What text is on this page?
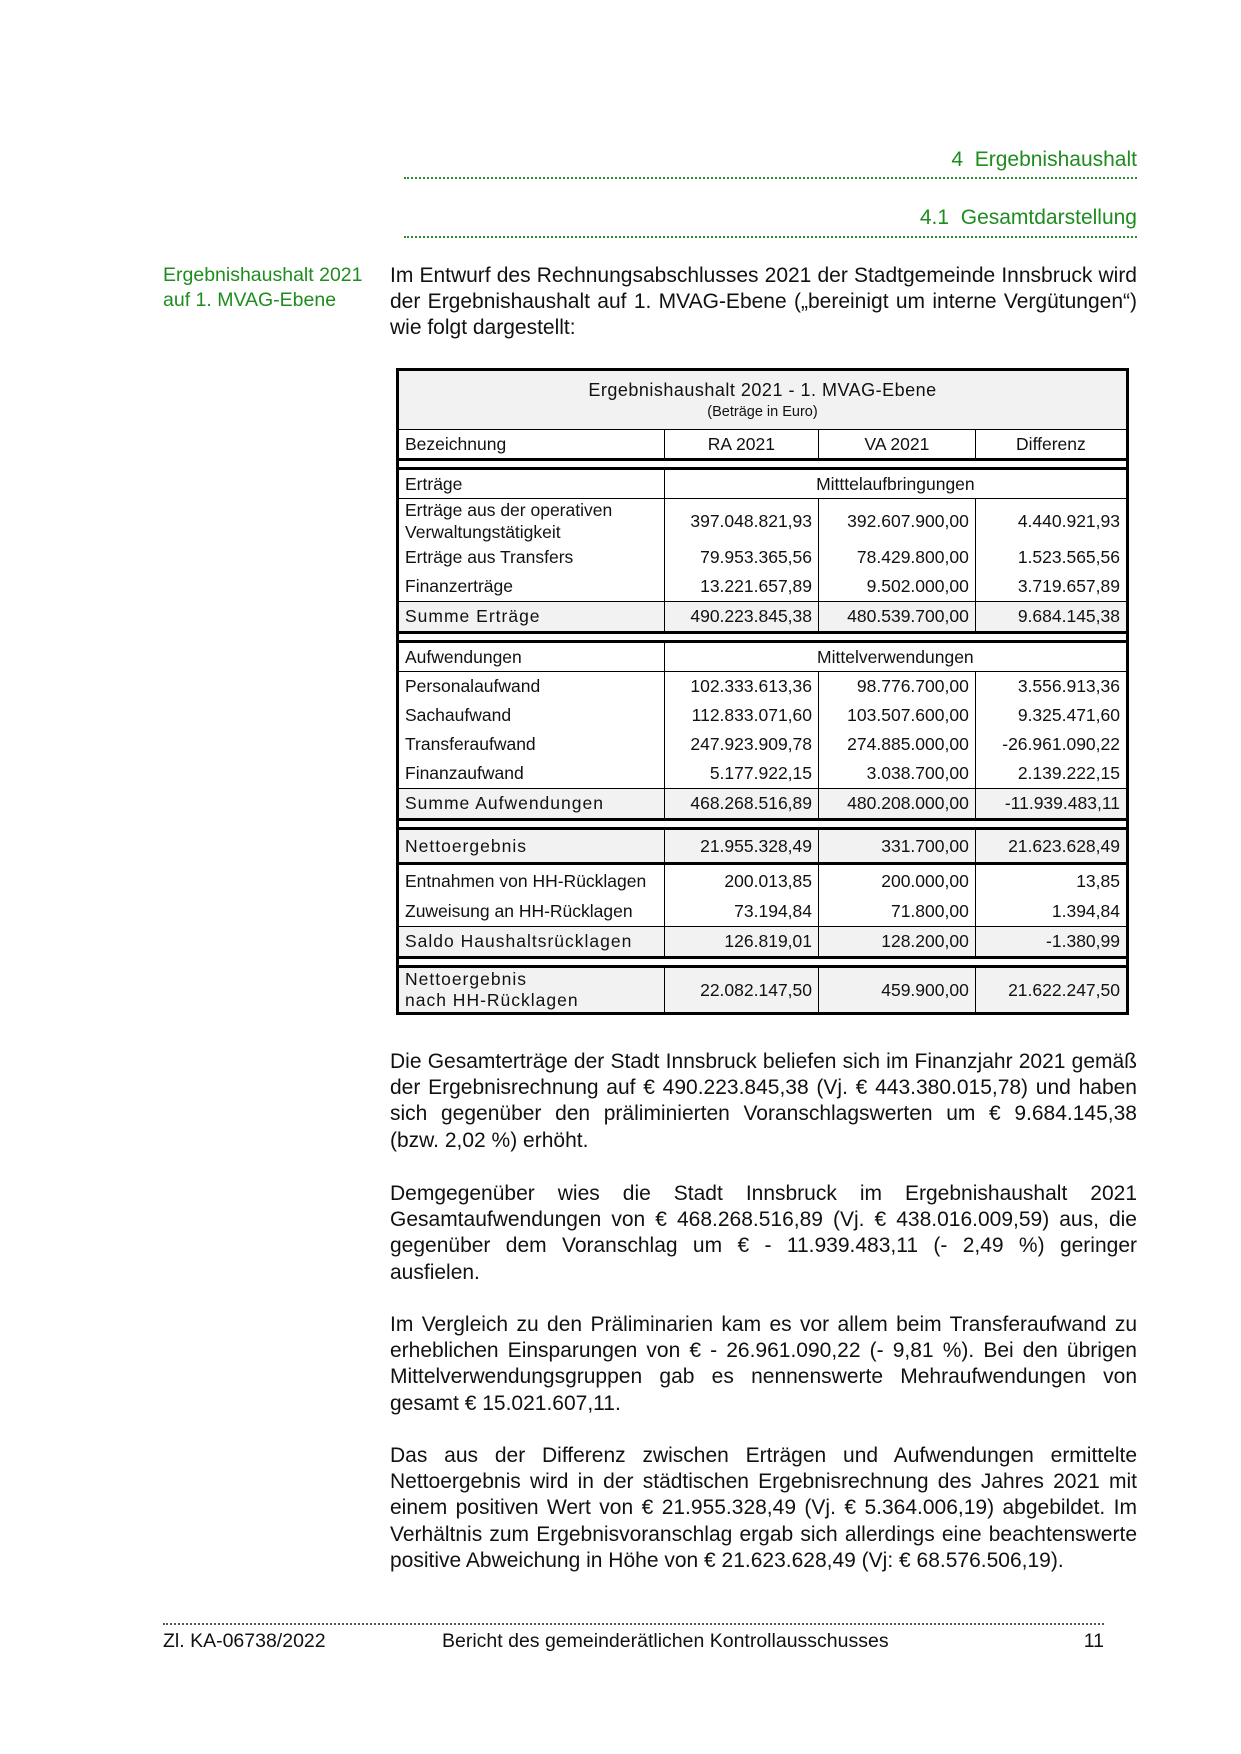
4  Ergebnishaushalt
4.1  Gesamtdarstellung
Ergebnishaushalt 2021
auf 1. MVAG-Ebene
Im Entwurf des Rechnungsabschlusses 2021 der Stadtgemeinde Innsbruck wird der Ergebnishaushalt auf 1. MVAG-Ebene („bereinigt um interne Vergütungen“) wie folgt dargestellt:
Ergebnishaushalt 2021 - 1. MVAG-Ebene
(Beträge in Euro)			

Bezeichnung	RA 2021	VA 2021	Differenz

Erträge	Mitttelaufbringungen		
Erträge aus der operativen
Verwaltungstätigkeit	397.048.821,93	392.607.900,00	4.440.921,93
Erträge aus Transfers	79.953.365,56	78.429.800,00	1.523.565,56
Finanzerträge	13.221.657,89	9.502.000,00	3.719.657,89
Summe Erträge	490.223.845,38	480.539.700,00	9.684.145,38

Aufwendungen	Mittelverwendungen		
Personalaufwand	102.333.613,36	98.776.700,00	3.556.913,36
Sachaufwand	112.833.071,60	103.507.600,00	9.325.471,60
Transferaufwand	247.923.909,78	274.885.000,00	-26.961.090,22
Finanzaufwand	5.177.922,15	3.038.700,00	2.139.222,15
Summe Aufwendungen	468.268.516,89	480.208.000,00	-11.939.483,11

Nettoergebnis	21.955.328,49	331.700,00	21.623.628,49
Entnahmen von HH-Rücklagen	200.013,85	200.000,00	13,85
Zuweisung an HH-Rücklagen	73.194,84	71.800,00	1.394,84
Saldo Haushaltsrücklagen	126.819,01	128.200,00	-1.380,99

Nettoergebnis
nach HH-Rücklagen	22.082.147,50	459.900,00	21.622.247,50
Die Gesamterträge der Stadt Innsbruck beliefen sich im Finanzjahr 2021 gemäß der Ergebnisrechnung auf € 490.223.845,38 (Vj. € 443.380.015,78) und haben sich gegenüber den präliminierten Voranschlagswerten um € 9.684.145,38 (bzw. 2,02 %) erhöht.
Demgegenüber wies die Stadt Innsbruck im Ergebnishaushalt 2021 Gesamtaufwendungen von € 468.268.516,89 (Vj. € 438.016.009,59) aus, die gegenüber dem Voranschlag um € - 11.939.483,11 (- 2,49 %) geringer ausfielen.
Im Vergleich zu den Präliminarien kam es vor allem beim Transferaufwand zu erheblichen Einsparungen von € - 26.961.090,22 (- 9,81 %). Bei den übrigen Mittelverwendungsgruppen gab es nennenswerte Mehraufwendungen von gesamt € 15.021.607,11.
Das aus der Differenz zwischen Erträgen und Aufwendungen ermittelte Nettoergebnis wird in der städtischen Ergebnisrechnung des Jahres 2021 mit einem positiven Wert von € 21.955.328,49 (Vj. € 5.364.006,19) abgebildet. Im Verhältnis zum Ergebnisvoranschlag ergab sich allerdings eine beachtenswerte positive Abweichung in Höhe von € 21.623.628,49 (Vj: € 68.576.506,19).
Zl. KA-06738/2022	Bericht des gemeinderätlichen Kontrollausschusses	11
